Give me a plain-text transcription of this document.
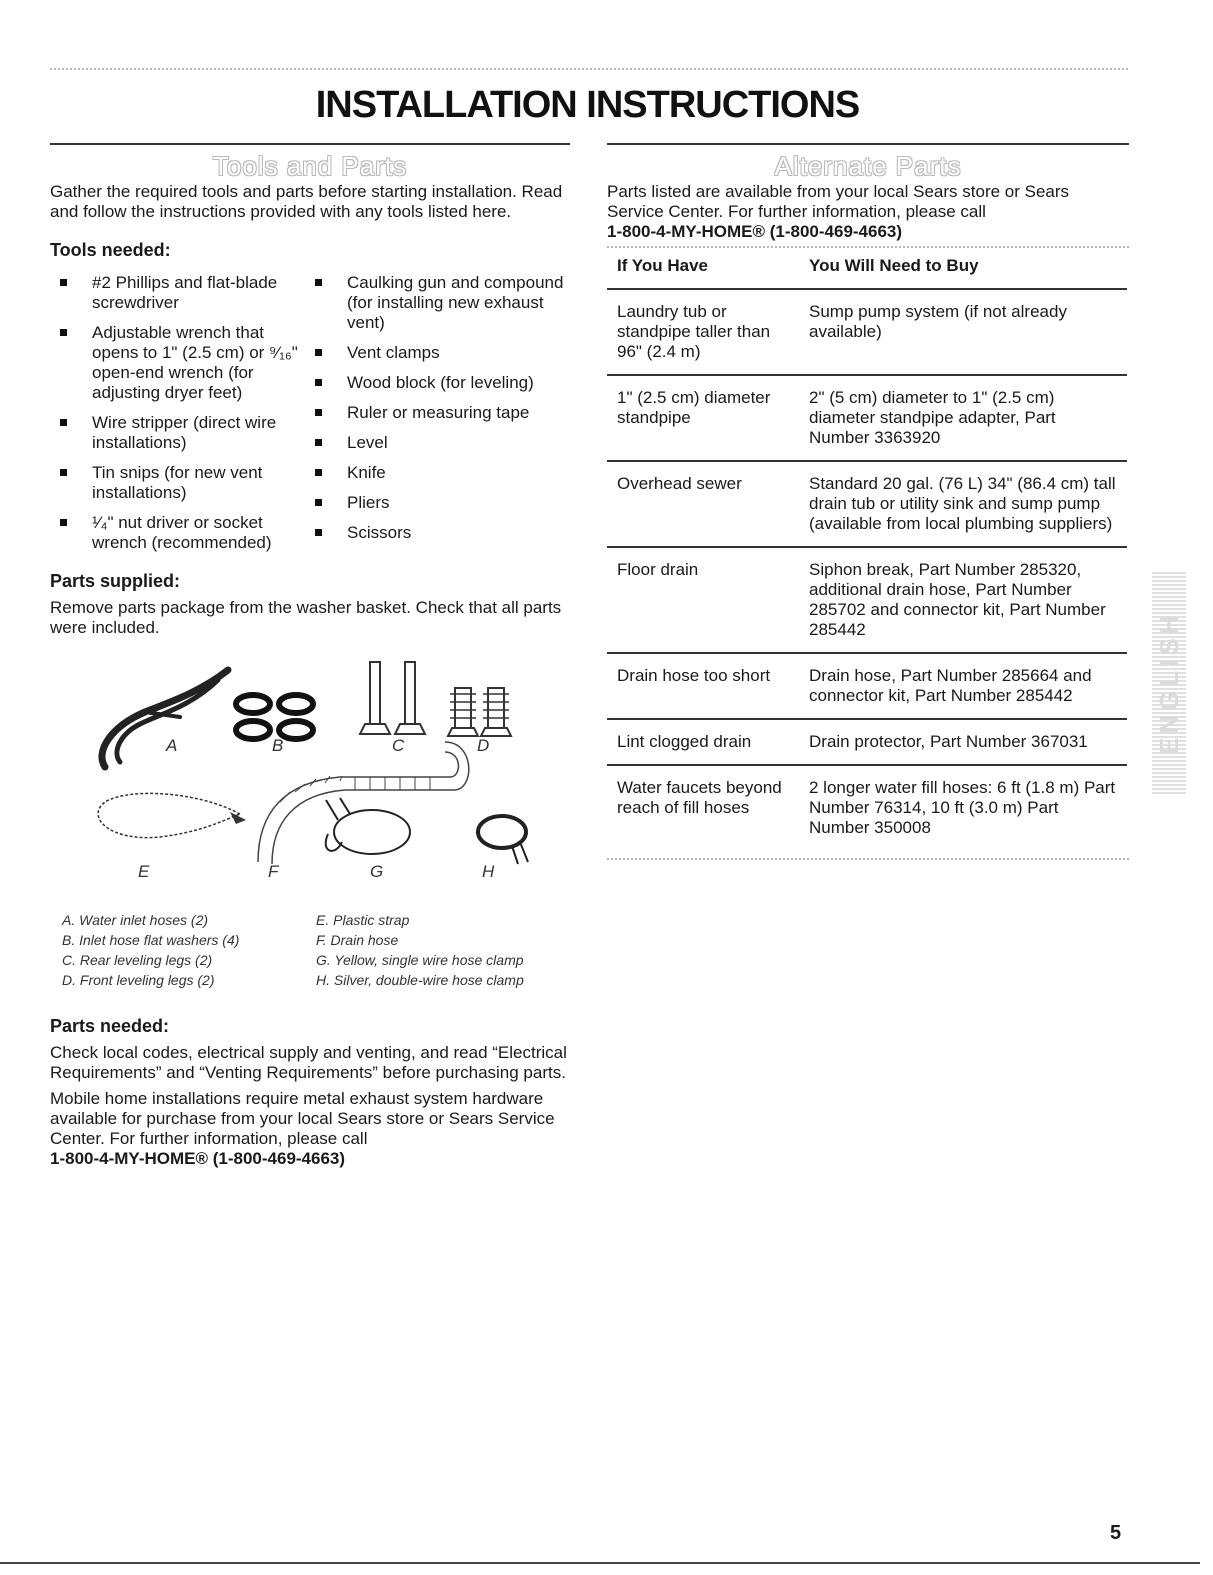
INSTALLATION INSTRUCTIONS
Tools and Parts

Gather the required tools and parts before starting installation. Read and follow the instructions provided with any tools listed here.

Tools needed:
#2 Phillips and flat-blade screwdriver
Adjustable wrench that opens to 1" (2.5 cm) or ⁹⁄₁₆" open-end wrench (for adjusting dryer feet)
Wire stripper (direct wire installations)
Tin snips (for new vent installations)
¹⁄₄" nut driver or socket wrench (recommended)
Caulking gun and compound (for installing new exhaust vent)
Vent clamps
Wood block (for leveling)
Ruler or measuring tape
Level
Knife
Pliers
Scissors
Parts supplied:

Remove parts package from the washer basket. Check that all parts were included.

A	B	C	D
E	F	G	H
A. Water inlet hoses (2)
B. Inlet hose flat washers (4)
C. Rear leveling legs (2)
D. Front leveling legs (2)
E. Plastic strap
F. Drain hose
G. Yellow, single wire hose clamp
H. Silver, double-wire hose clamp
Parts needed:

Check local codes, electrical supply and venting, and read “Electrical Requirements” and “Venting Requirements” before purchasing parts.

Mobile home installations require metal exhaust system hardware available for purchase from your local Sears store or Sears Service Center. For further information, please call

1-800-4-MY-HOME® (1-800-469-4663)

Alternate Parts

Parts listed are available from your local Sears store or Sears Service Center. For further information, please call

1-800-4-MY-HOME® (1-800-469-4663)

If You Have	You Will Need to Buy
Laundry tub or standpipe taller than 96" (2.4 m)	Sump pump system (if not already available)
1" (2.5 cm) diameter standpipe	2" (5 cm) diameter to 1" (2.5 cm) diameter standpipe adapter, Part Number 3363920
Overhead sewer	Standard 20 gal. (76 L) 34" (86.4 cm) tall drain tub or utility sink and sump pump (available from local plumbing suppliers)
Floor drain	Siphon break, Part Number 285320, additional drain hose, Part Number 285702 and connector kit, Part Number 285442
Drain hose too short	Drain hose, Part Number 285664 and connector kit, Part Number 285442
Lint clogged drain	Drain protector, Part Number 367031
Water faucets beyond reach of fill hoses	2 longer water fill hoses: 6 ft (1.8 m) Part Number 76314, 10 ft (3.0 m) Part Number 350008
ENGLISH
5
